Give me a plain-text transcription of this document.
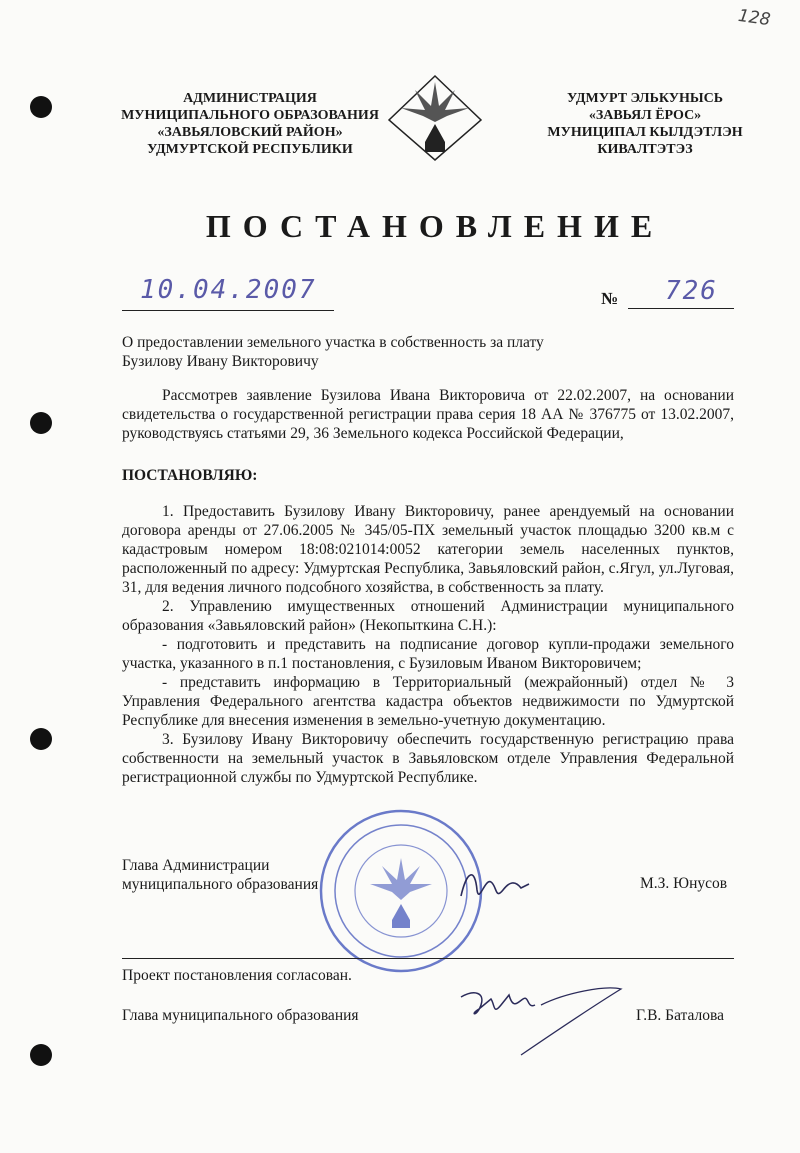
128
АДМИНИСТРАЦИЯ
МУНИЦИПАЛЬНОГО ОБРАЗОВАНИЯ
«ЗАВЬЯЛОВСКИЙ РАЙОН»
УДМУРТСКОЙ РЕСПУБЛИКИ
УДМУРТ ЭЛЬКУНЫСЬ
«ЗАВЬЯЛ ЁРОС»
МУНИЦИПАЛ КЫЛДЭТЛЭН
КИВАЛТЭТЭЗ
ПОСТАНОВЛЕНИЕ
10.04.2007	№ 726
О предоставлении земельного участка в собственность за плату
Бузилову Ивану Викторовичу

Рассмотрев заявление Бузилова Ивана Викторовича от 22.02.2007, на основании свидетельства о государственной регистрации права серия 18 АА № 376775 от 13.02.2007, руководствуясь статьями 29, 36 Земельного кодекса Российской Федерации,

ПОСТАНОВЛЯЮ:

1. Предоставить Бузилову Ивану Викторовичу, ранее арендуемый на основании договора аренды от 27.06.2005 № 345/05-ПХ земельный участок площадью 3200 кв.м с кадастровым номером 18:08:021014:0052 категории земель населенных пунктов, расположенный по адресу: Удмуртская Республика, Завьяловский район, с.Ягул, ул.Луговая, 31, для ведения личного подсобного хозяйства, в собственность за плату.

2. Управлению имущественных отношений Администрации муниципального образования «Завьяловский район» (Некопыткина С.Н.):

- подготовить и представить на подписание договор купли-продажи земельного участка, указанного в п.1 постановления, с Бузиловым Иваном Викторовичем;

- представить информацию в Территориальный (межрайонный) отдел № 3 Управления Федерального агентства кадастра объектов недвижимости по Удмуртской Республике для внесения изменения в земельно-учетную документацию.

3. Бузилову Ивану Викторовичу обеспечить государственную регистрацию права собственности на земельный участок в Завьяловском отделе Управления Федеральной регистрационной службы по Удмуртской Республике.

Глава Администрации
муниципального образования	М.З. Юнусов
Проект постановления согласован.
Глава муниципального образования	Г.В. Баталова
